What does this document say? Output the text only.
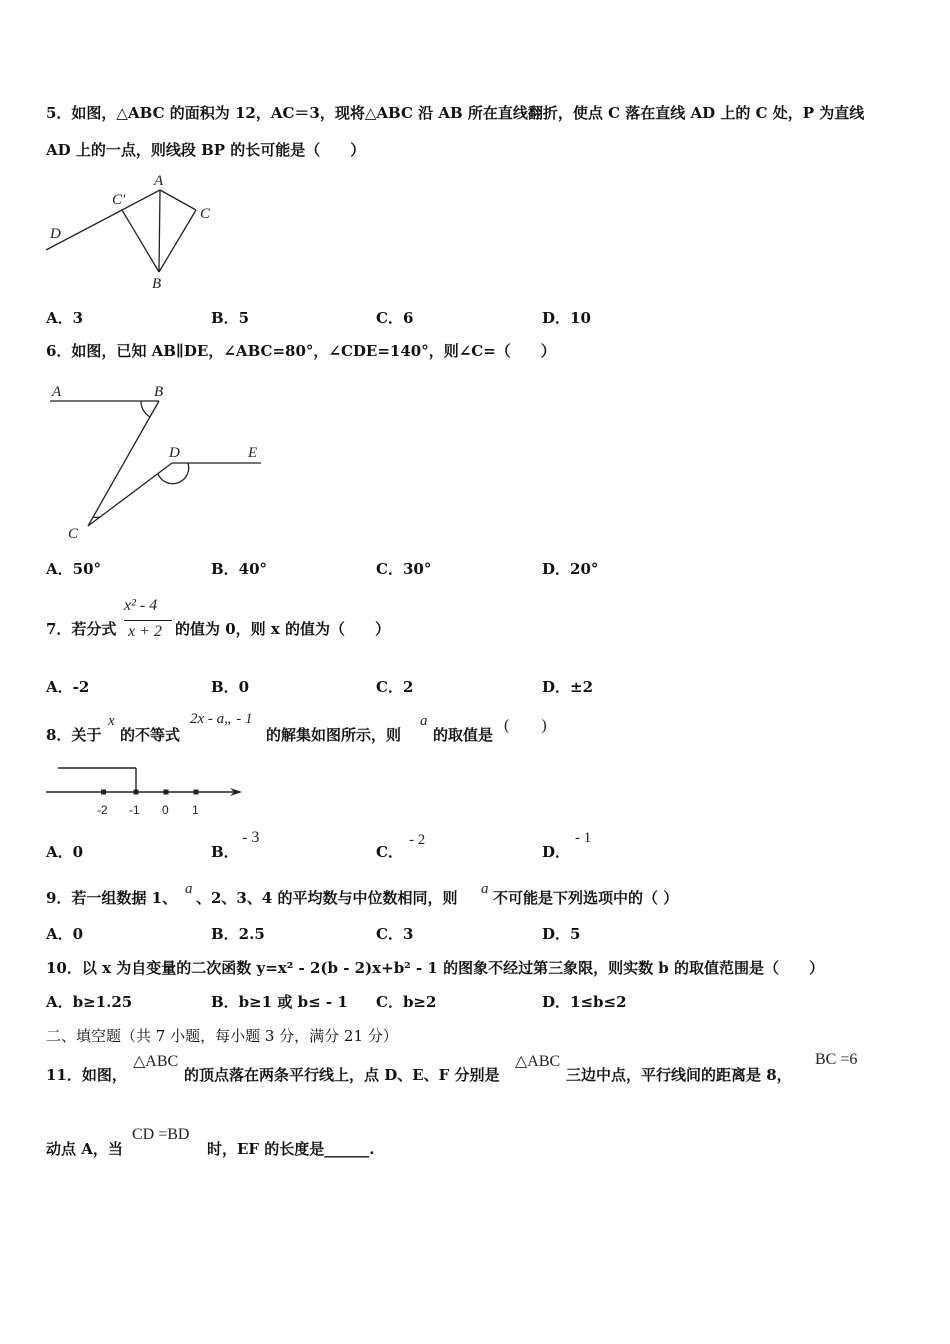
5．如图，△ABC 的面积为 12，AC＝3，现将△ABC 沿 AB 所在直线翻折，使点 C 落在直线 AD 上的 C 处，P 为直线
AD 上的一点，则线段 BP 的长可能是（　　）
A
C′
C
D
B
A．3	B．5	C．6	D．10
6．如图，已知 AB∥DE，∠ABC=80°，∠CDE=140°，则∠C=（　　）
A	B
D	E
C
A．50°	B．40°	C．30°	D．20°
7．若分式
x² - 4
x + 2 的值为 0，则 x 的值为（　　）
A．-2	B．0	C．2	D．±2
8．关于
x
的不等式
2x - a„ - 1
的解集如图所示，则
a
的取值是
(　　)
-2 -1 0 1
A．0	B．
- 3
C．
- 2
D．
- 1
9．若一组数据 1、 a 、2、3、4 的平均数与中位数相同，则 a 不可能是下列选项中的（ ）
A．0	B．2.5	C．3	D．5
10．以 x 为自变量的二次函数 y=x² - 2(b - 2)x+b² - 1 的图象不经过第三象限，则实数 b 的取值范围是（　　）
A．b≥1.25	B．b≥1 或 b≤ - 1 C．b≥2	D．1≤b≤2
二、填空题（共 7 小题，每小题 3 分，满分 21 分）
11．如图，
△ABC
的顶点落在两条平行线上，点 D、E、F 分别是
△ABC
三边中点，平行线间的距离是 8，
BC =6
动点 A，当
CD =BD
时，EF 的长度是______.
